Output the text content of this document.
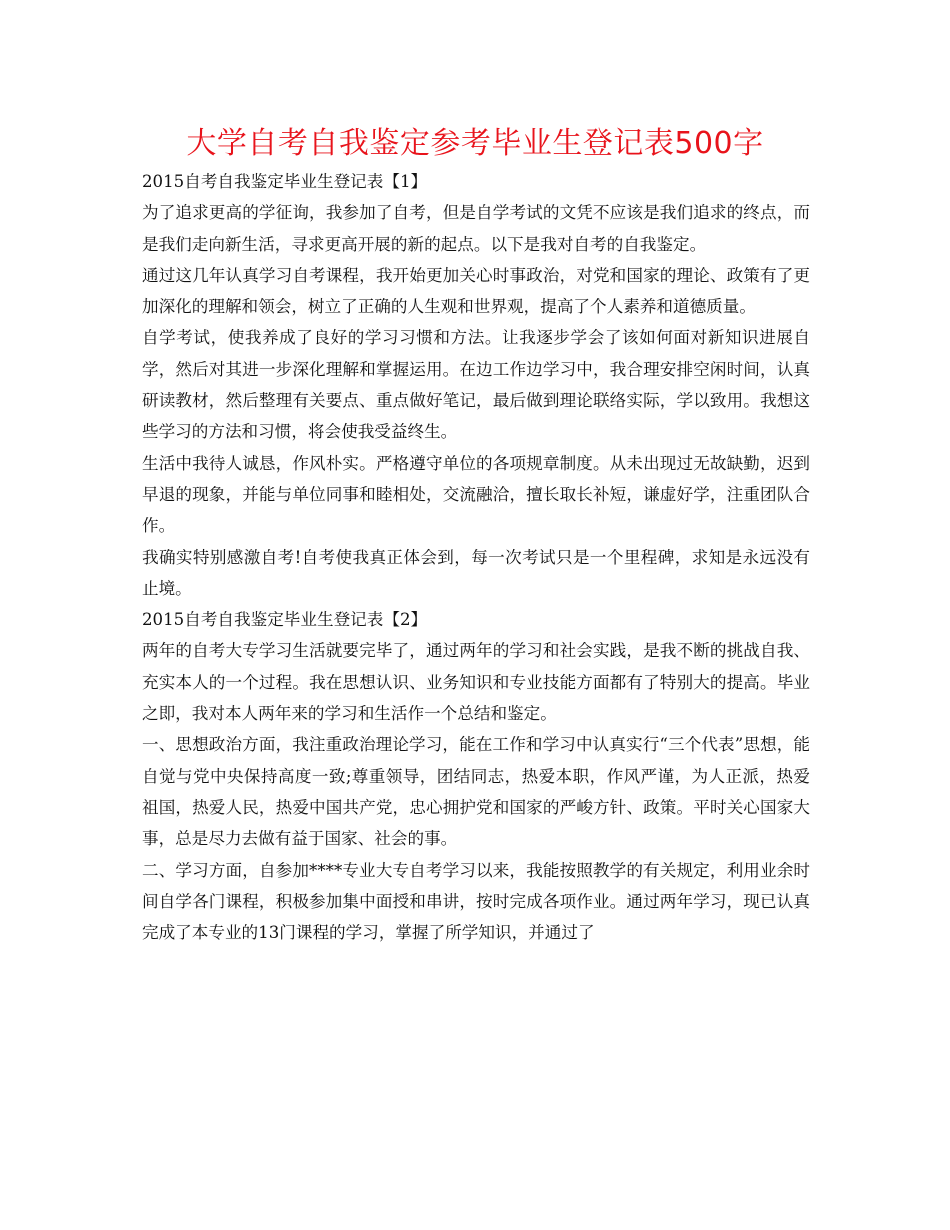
大学自考自我鉴定参考毕业生登记表500字

2015自考自我鉴定毕业生登记表【1】

为了追求更高的学征询，我参加了自考，但是自学考试的文凭不应该是我们追求的终点，而是我们走向新生活，寻求更高开展的新的起点。以下是我对自考的自我鉴定。

通过这几年认真学习自考课程，我开始更加关心时事政治，对党和国家的理论、政策有了更加深化的理解和领会，树立了正确的人生观和世界观，提高了个人素养和道德质量。

自学考试，使我养成了良好的学习习惯和方法。让我逐步学会了该如何面对新知识进展自学，然后对其进一步深化理解和掌握运用。在边工作边学习中，我合理安排空闲时间，认真研读教材，然后整理有关要点、重点做好笔记，最后做到理论联络实际，学以致用。我想这些学习的方法和习惯，将会使我受益终生。

生活中我待人诚恳，作风朴实。严格遵守单位的各项规章制度。从未出现过无故缺勤，迟到早退的现象，并能与单位同事和睦相处，交流融洽，擅长取长补短，谦虚好学，注重团队合作。

我确实特别感激自考!自考使我真正体会到，每一次考试只是一个里程碑，求知是永远没有止境。

2015自考自我鉴定毕业生登记表【2】

两年的自考大专学习生活就要完毕了，通过两年的学习和社会实践，是我不断的挑战自我、充实本人的一个过程。我在思想认识、业务知识和专业技能方面都有了特别大的提高。毕业之即，我对本人两年来的学习和生活作一个总结和鉴定。

一、思想政治方面，我注重政治理论学习，能在工作和学习中认真实行“三个代表”思想，能自觉与党中央保持高度一致;尊重领导，团结同志，热爱本职，作风严谨，为人正派，热爱祖国，热爱人民，热爱中国共产党，忠心拥护党和国家的严峻方针、政策。平时关心国家大事，总是尽力去做有益于国家、社会的事。

二、学习方面，自参加****专业大专自考学习以来，我能按照教学的有关规定，利用业余时间自学各门课程，积极参加集中面授和串讲，按时完成各项作业。通过两年学习，现已认真完成了本专业的13门课程的学习，掌握了所学知识，并通过了
